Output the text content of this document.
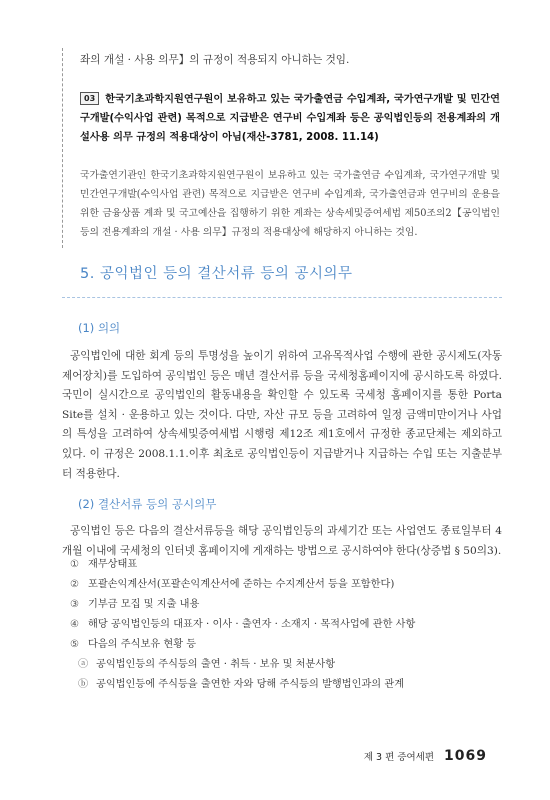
좌의 개설 · 사용 의무】의 규정이 적용되지 아니하는 것임.
03 한국기초과학지원연구원이 보유하고 있는 국가출연금 수입계좌, 국가연구개발 및 민간연구개발(수익사업 관련) 목적으로 지급받은 연구비 수입계좌 등은 공익법인등의 전용계좌의 개설사용 의무 규정의 적용대상이 아님(재산-3781, 2008. 11.14)
국가출연기관인 한국기초과학지원연구원이 보유하고 있는 국가출연금 수입계좌, 국가연구개발 및 민간연구개발(수익사업 관련) 목적으로 지급받은 연구비 수입계좌, 국가출연금과 연구비의 운용을 위한 금융상품 계좌 및 국고예산을 집행하기 위한 계좌는 상속세및증여세법 제50조의2【공익법인등의 전용계좌의 개설 · 사용 의무】규정의 적용대상에 해당하지 아니하는 것임.
5. 공익법인 등의 결산서류 등의 공시의무
(1) 의의
공익법인에 대한 회계 등의 투명성을 높이기 위하여 고유목적사업 수행에 관한 공시제도(자동제어장치)를 도입하여 공익법인 등은 매년 결산서류 등을 국세청홈페이지에 공시하도록 하였다. 국민이 실시간으로 공익법인의 활동내용을 확인할 수 있도록 국세청 홈페이지를 통한 Porta Site를 설치 · 운용하고 있는 것이다. 다만, 자산 규모 등을 고려하여 일정 금액미만이거나 사업의 특성을 고려하여 상속세및증여세법 시행령 제12조 제1호에서 규정한 종교단체는 제외하고 있다. 이 규정은 2008.1.1.이후 최초로 공익법인등이 지급받거나 지급하는 수입 또는 지출분부터 적용한다.
(2) 결산서류 등의 공시의무
공익법인 등은 다음의 결산서류등을 해당 공익법인등의 과세기간 또는 사업연도 종료일부터 4개월 이내에 국세청의 인터넷 홈페이지에 게재하는 방법으로 공시하여야 한다(상증법 § 50의3).
① 재무상태표
② 포괄손익계산서(포괄손익계산서에 준하는 수지계산서 등을 포함한다)
③ 기부금 모집 및 지출 내용
④ 해당 공익법인등의 대표자 · 이사 · 출연자 · 소재지 · 목적사업에 관한 사항
⑤ 다음의 주식보유 현황 등
ⓐ 공익법인등의 주식등의 출연 · 취득 · 보유 및 처분사항
ⓑ 공익법인등에 주식등을 출연한 자와 당해 주식등의 발행법인과의 관계
제 3 편 증여세편 1069
